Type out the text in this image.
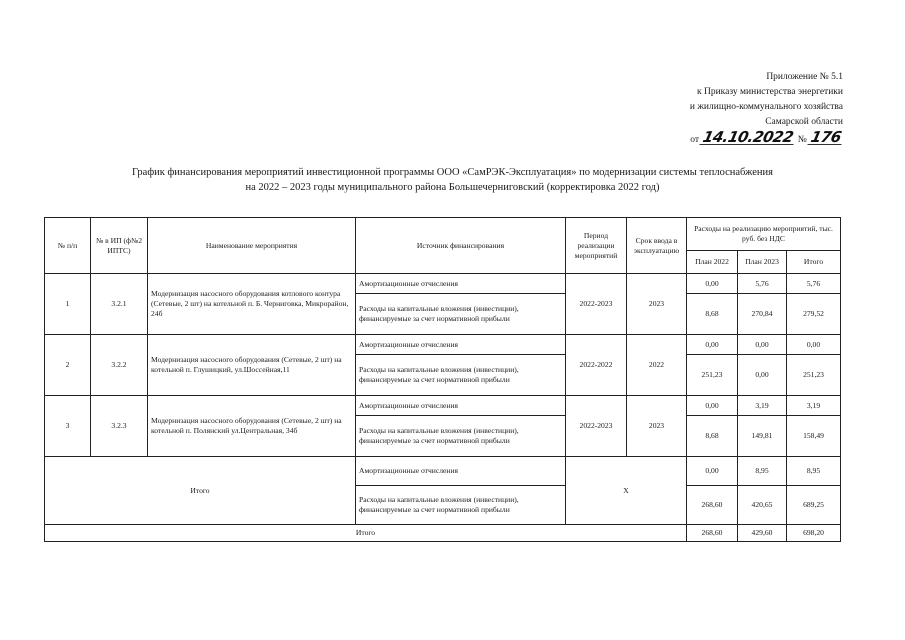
Приложение № 5.1
к Приказу министерства энергетики
и жилищно-коммунального хозяйства
Самарской области
от 14.10.2022 № 176
График финансирования мероприятий инвестиционной программы ООО «СамРЭК-Эксплуатация» по модернизации системы теплоснабжения
на 2022 – 2023 годы муниципального района Большечерниговский (корректировка 2022 год)
№ п/п	№ в ИП (ф№2 ИПТС)	Наименование мероприятия	Источник финансирования	Период реализации мероприятий	Срок ввода в эксплуатацию	Расходы на реализацию мероприятий, тыс. руб. без НДС		
						План 2022	План 2023	Итого
1	3.2.1	Модернизация насосного оборудования котлового контура (Сетевые, 2 шт) на котельной п. Б. Черниговка, Микрорайон, 24б	Амортизационные отчисления	2022-2023	2023	0,00	5,76	5,76
			Расходы на капитальные вложения (инвестиции), финансируемые за счет нормативной прибыли			8,68	270,84	279,52
2	3.2.2	Модернизация насосного оборудования (Сетевые, 2 шт) на котельной п. Глушицкий, ул.Шоссейная,11	Амортизационные отчисления	2022-2022	2022	0,00	0,00	0,00
			Расходы на капитальные вложения (инвестиции), финансируемые за счет нормативной прибыли			251,23	0,00	251,23
3	3.2.3	Модернизация насосного оборудования (Сетевые, 2 шт) на котельной п. Полянский ул.Центральная, 34б	Амортизационные отчисления	2022-2023	2023	0,00	3,19	3,19
			Расходы на капитальные вложения (инвестиции), финансируемые за счет нормативной прибыли			8,68	149,81	158,49
Итого			Амортизационные отчисления	Х		0,00	8,95	8,95
			Расходы на капитальные вложения (инвестиции), финансируемые за счет нормативной прибыли			268,60	420,65	689,25
Итого						268,60	429,60	698,20
